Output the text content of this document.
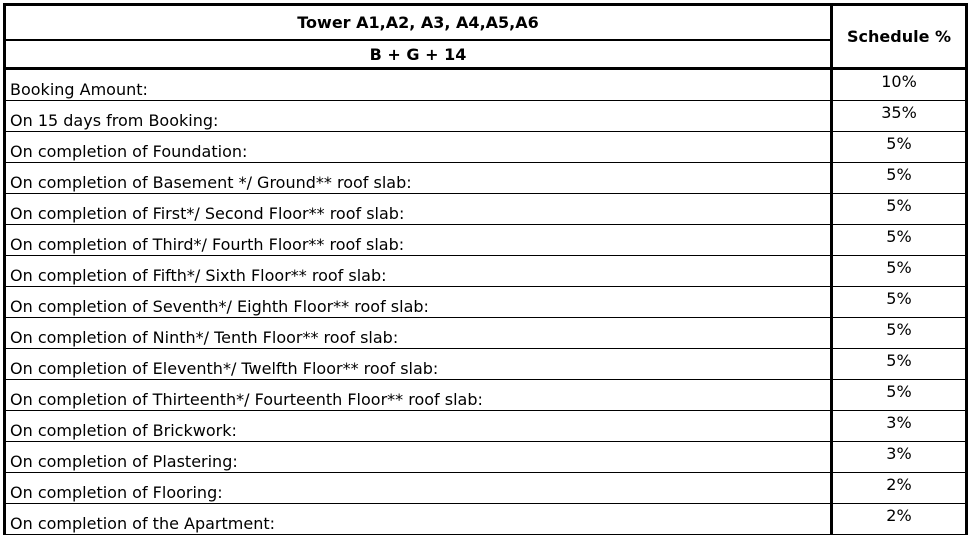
Tower A1,A2, A3, A4,A5,A6	Schedule %
B + G + 14	
Booking Amount:	10%
On 15 days from Booking:	35%
On completion of Foundation:	5%
On completion of Basement */ Ground** roof slab:	5%
On completion of First*/ Second Floor** roof slab:	5%
On completion of Third*/ Fourth Floor** roof slab:	5%
On completion of Fifth*/ Sixth Floor** roof slab:	5%
On completion of Seventh*/ Eighth Floor** roof slab:	5%
On completion of Ninth*/ Tenth Floor** roof slab:	5%
On completion of Eleventh*/ Twelfth Floor** roof slab:	5%
On completion of Thirteenth*/ Fourteenth Floor** roof slab:	5%
On completion of Brickwork:	3%
On completion of Plastering:	3%
On completion of Flooring:	2%
On completion of the Apartment:	2%
